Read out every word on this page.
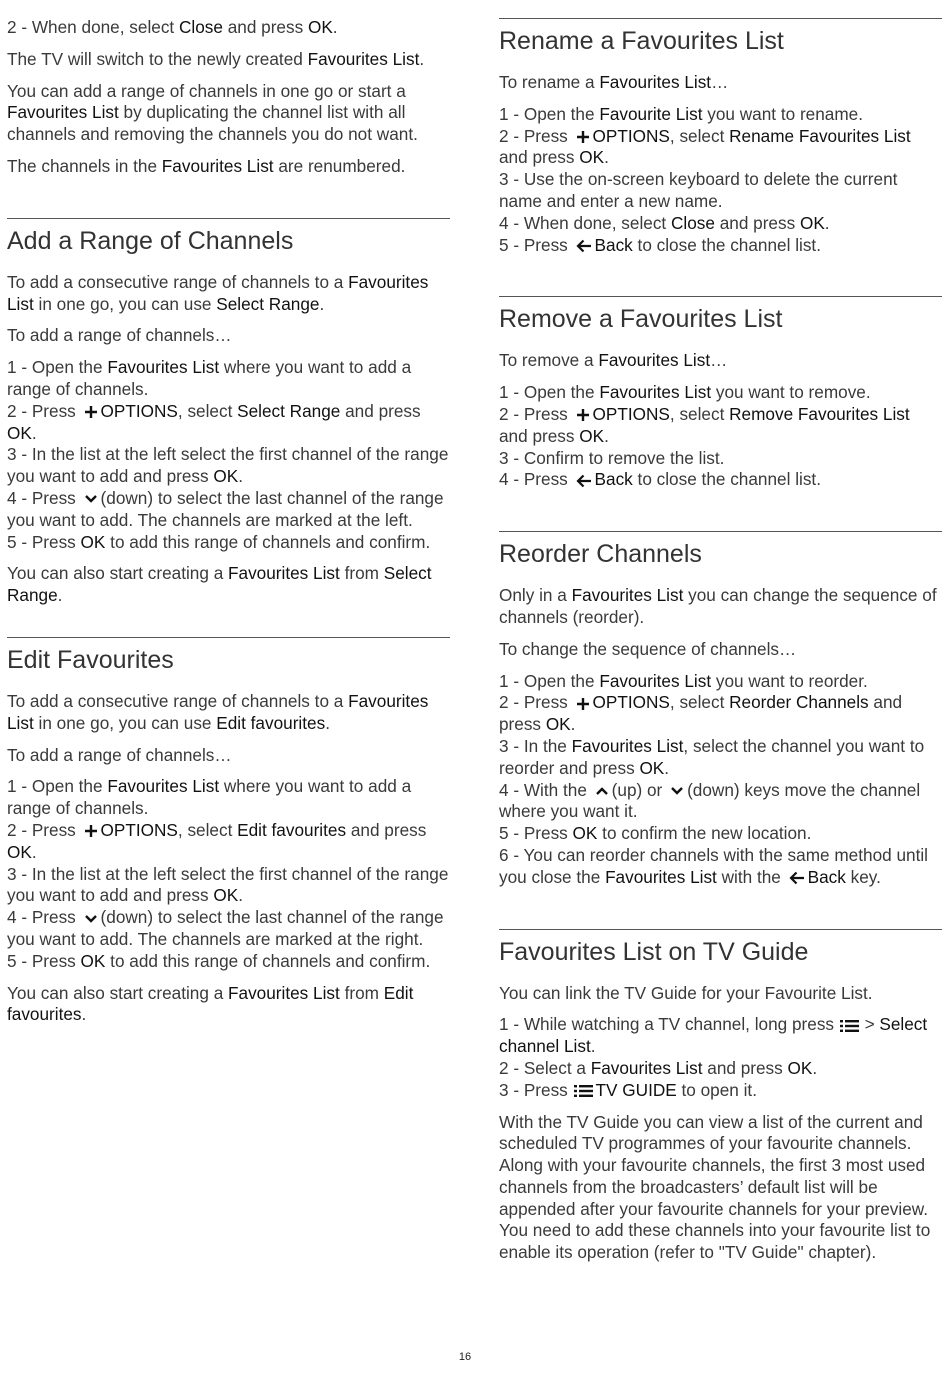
2 - When done, select Close and press OK.

The TV will switch to the newly created Favourites List.

You can add a range of channels in one go or start a Favourites List by duplicating the channel list with all channels and removing the channels you do not want.

The channels in the Favourites List are renumbered.

Add a Range of Channels

To add a consecutive range of channels to a Favourites List in one go, you can use Select Range.

To add a range of channels…

1 - Open the Favourites List where you want to add a range of channels.
2 - Press
OPTIONS, select Select Range and press OK.
3 - In the list at the left select the first channel of the range you want to add and press OK.
4 - Press
(down) to select the last channel of the range you want to add. The channels are marked at the left.
5 - Press OK to add this range of channels and confirm.

You can also start creating a Favourites List from Select Range.

Edit Favourites

To add a consecutive range of channels to a Favourites List in one go, you can use Edit favourites.

To add a range of channels…

1 - Open the Favourites List where you want to add a range of channels.
2 - Press
OPTIONS, select Edit favourites and press OK.
3 - In the list at the left select the first channel of the range you want to add and press OK.
4 - Press
(down) to select the last channel of the range you want to add. The channels are marked at the right.
5 - Press OK to add this range of channels and confirm.

You can also start creating a Favourites List from Edit favourites.

Rename a Favourites List

To rename a Favourites List…

1 - Open the Favourite List you want to rename.
2 - Press
OPTIONS, select Rename Favourites List and press OK.
3 - Use the on-screen keyboard to delete the current name and enter a new name.
4 - When done, select Close and press OK.
5 - Press
Back to close the channel list.
Remove a Favourites List

To remove a Favourites List…

1 - Open the Favourites List you want to remove.
2 - Press
OPTIONS, select Remove Favourites List and press OK.
3 - Confirm to remove the list.
4 - Press
Back to close the channel list.
Reorder Channels

Only in a Favourites List you can change the sequence of channels (reorder).

To change the sequence of channels…

1 - Open the Favourites List you want to reorder.
2 - Press
OPTIONS, select Reorder Channels and press OK.
3 - In the Favourites List, select the channel you want to reorder and press OK.
4 - With the
(up) or
(down) keys move the channel where you want it.
5 - Press OK to confirm the new location.
6 - You can reorder channels with the same method until you close the Favourites List with the
Back key.
Favourites List on TV Guide

You can link the TV Guide for your Favourite List.

1 - While watching a TV channel, long press
> Select channel List.
2 - Select a Favourites List and press OK.
3 - Press
TV GUIDE to open it.

With the TV Guide you can view a list of the current and scheduled TV programmes of your favourite channels. Along with your favourite channels, the first 3 most used channels from the broadcasters’ default list will be appended after your favourite channels for your preview. You need to add these channels into your favourite list to enable its operation (refer to "TV Guide" chapter).

16
